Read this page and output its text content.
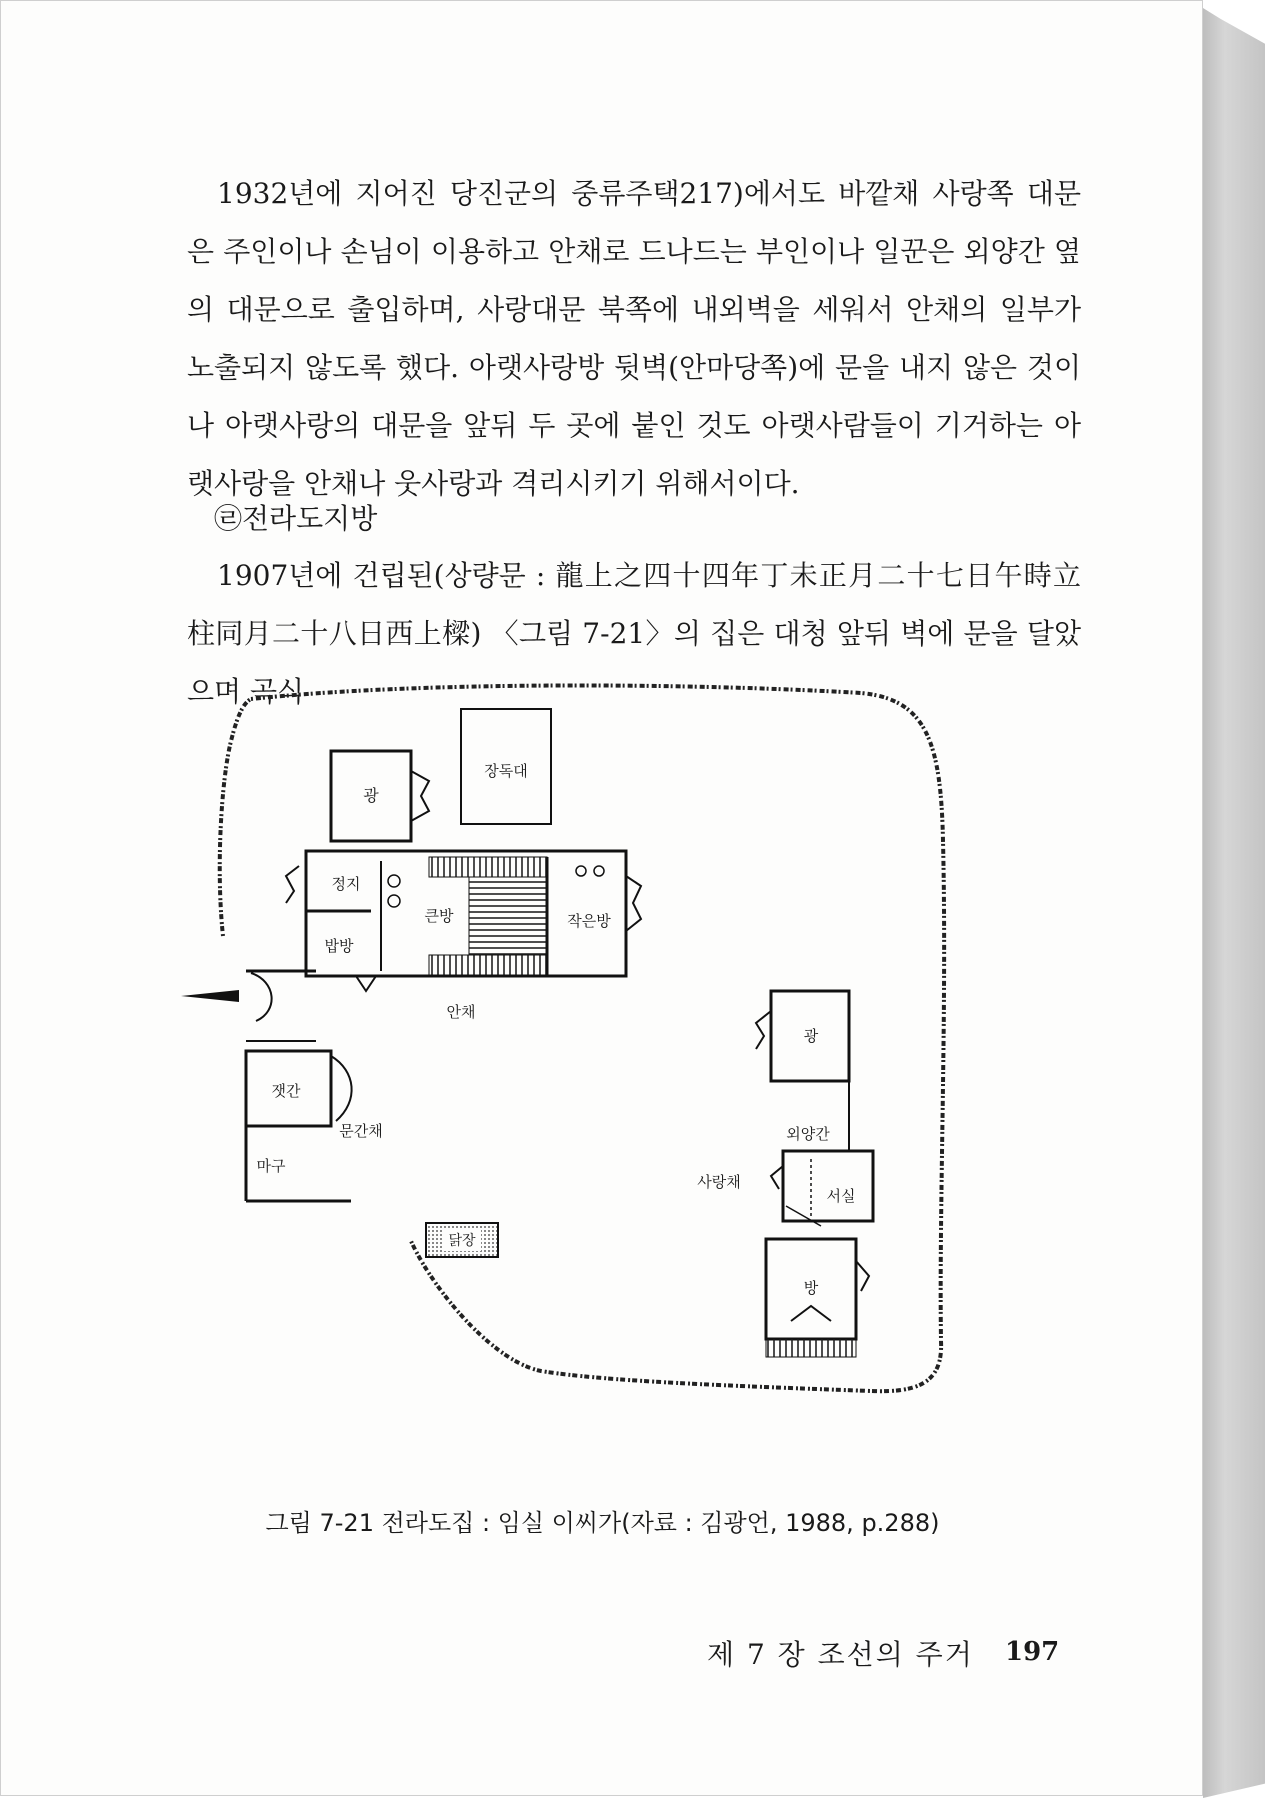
1932년에 지어진 당진군의 중류주택217)에서도 바깥채 사랑쪽 대문은 주인이나 손님이 이용하고 안채로 드나드는 부인이나 일꾼은 외양간 옆의 대문으로 출입하며, 사랑대문 북쪽에 내외벽을 세워서 안채의 일부가 노출되지 않도록 했다. 아랫사랑방 뒷벽(안마당쪽)에 문을 내지 않은 것이나 아랫사랑의 대문을 앞뒤 두 곳에 붙인 것도 아랫사람들이 기거하는 아랫사랑을 안채나 웃사랑과 격리시키기 위해서이다.

㉣전라도지방

1907년에 건립된(상량문 : 龍上之四十四年丁未正月二十七日午時立柱同月二十八日西上樑) 〈그림 7-21〉의 집은 대청 앞뒤 벽에 문을 달았으며 곡식

광
장독대
정지
큰방	작은방
밥방
안채
광
외양간
사랑채
서실
방
잿간
문간채
마구
닭장

그림 7-21 전라도집 : 임실 이씨가(자료 : 김광언, 1988, p.288)

제 7 장 조선의 주거 197
